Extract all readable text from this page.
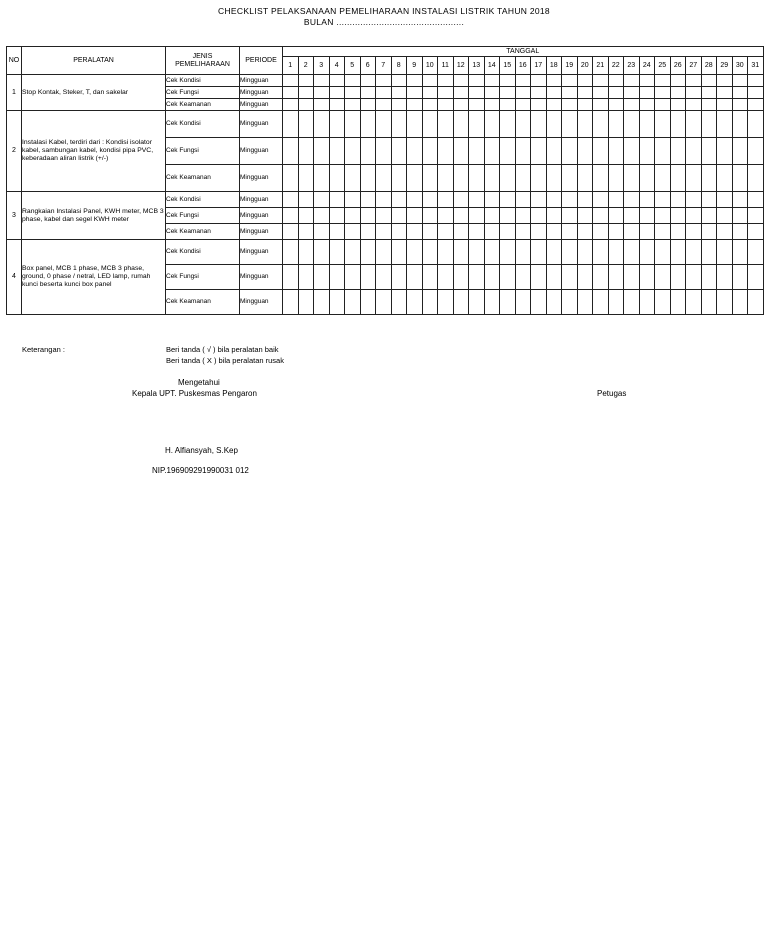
CHECKLIST PELAKSANAAN PEMELIHARAAN INSTALASI LISTRIK TAHUN 2018
BULAN ................................................
NO	PERALATAN	JENIS PEMELIHARAAN	PERIODE	TANGGAL																														
				1	2	3	4	5	6	7	8	9	10	11	12	13	14	15	16	17	18	19	20	21	22	23	24	25	26	27	28	29	30	31
1	Stop Kontak, Steker, T, dan sakelar	Cek Kondisi	Mingguan																															
		Cek Fungsi	Mingguan																															
		Cek Keamanan	Mingguan																															
2	Instalasi Kabel, terdiri dari : Kondisi isolator kabel, sambungan kabel, kondisi pipa PVC, keberadaan aliran listrik (+/-)	Cek Kondisi	Mingguan																															
		Cek Fungsi	Mingguan																															
		Cek Keamanan	Mingguan																															
3	Rangkaian Instalasi Panel, KWH meter, MCB 3 phase, kabel dan segel KWH meter	Cek Kondisi	Mingguan																															
		Cek Fungsi	Mingguan																															
		Cek Keamanan	Mingguan																															
4	Box panel, MCB 1 phase, MCB 3 phase, ground, 0 phase / netral, LED lamp, rumah kunci beserta kunci box panel	Cek Kondisi	Mingguan																															
		Cek Fungsi	Mingguan																															
		Cek Keamanan	Mingguan																															
Keterangan :	Beri tanda ( √ ) bila peralatan baik
Beri tanda ( X ) bila peralatan rusak
Mengetahui
Kepala UPT. Puskesmas Pengaron	Petugas
H. Alfiansyah, S.Kep
NIP.196909291990031 012
